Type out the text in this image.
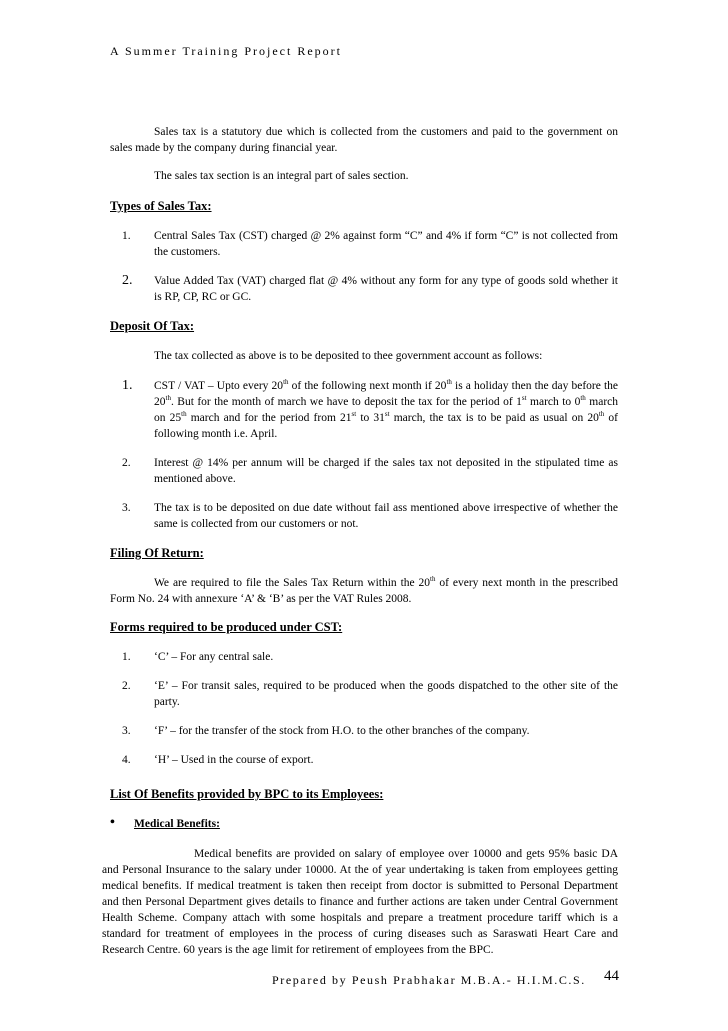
A Summer Training Project Report

Sales tax is a statutory due which is collected from the customers and paid to the government on sales made by the company during financial year.

The sales tax section is an integral part of sales section.

Types of Sales Tax:
1. Central Sales Tax (CST) charged @ 2% against form “C” and 4% if form “C” is not collected from the customers.
2. Value Added Tax (VAT) charged flat @ 4% without any form for any type of goods sold whether it is RP, CP, RC or GC.
Deposit Of Tax:

The tax collected as above is to be deposited to thee government account as follows:

1. CST / VAT – Upto every 20th of the following next month if 20th is a holiday then the day before the 20th. But for the month of march we have to deposit the tax for the period of 1st march to 0th march on 25th march and for the period from 21st to 31st march, the tax is to be paid as usual on 20th of following month i.e. April.
2. Interest @ 14% per annum will be charged if the sales tax not deposited in the stipulated time as mentioned above.
3. The tax is to be deposited on due date without fail ass mentioned above irrespective of whether the same is collected from our customers or not.
Filing Of Return:

We are required to file the Sales Tax Return within the 20th of every next month in the prescribed Form No. 24 with annexure ‘A’ & ‘B’ as per the VAT Rules 2008.

Forms required to be produced under CST:
1. ‘C’ – For any central sale.
2. ‘E’ – For transit sales, required to be produced when the goods dispatched to the other site of the party.
3. ‘F’ – for the transfer of the stock from H.O. to the other branches of the company.
4. ‘H’ – Used in the course of export.
List Of Benefits provided by BPC to its Employees:
• Medical Benefits:

Medical benefits are provided on salary of employee over 10000 and gets 95% basic DA and Personal Insurance to the salary under 10000. At the of year undertaking is taken from employees getting medical benefits. If medical treatment is taken then receipt from doctor is submitted to Personal Department and then Personal Department gives details to finance and further actions are taken under Central Government Health Scheme. Company attach with some hospitals and prepare a treatment procedure tariff which is a standard for treatment of employees in the process of curing diseases such as Saraswati Heart Care and Research Centre. 60 years is the age limit for retirement of employees from the BPC.

Prepared by Peush Prabhakar M.B.A.- H.I.M.C.S. 44
